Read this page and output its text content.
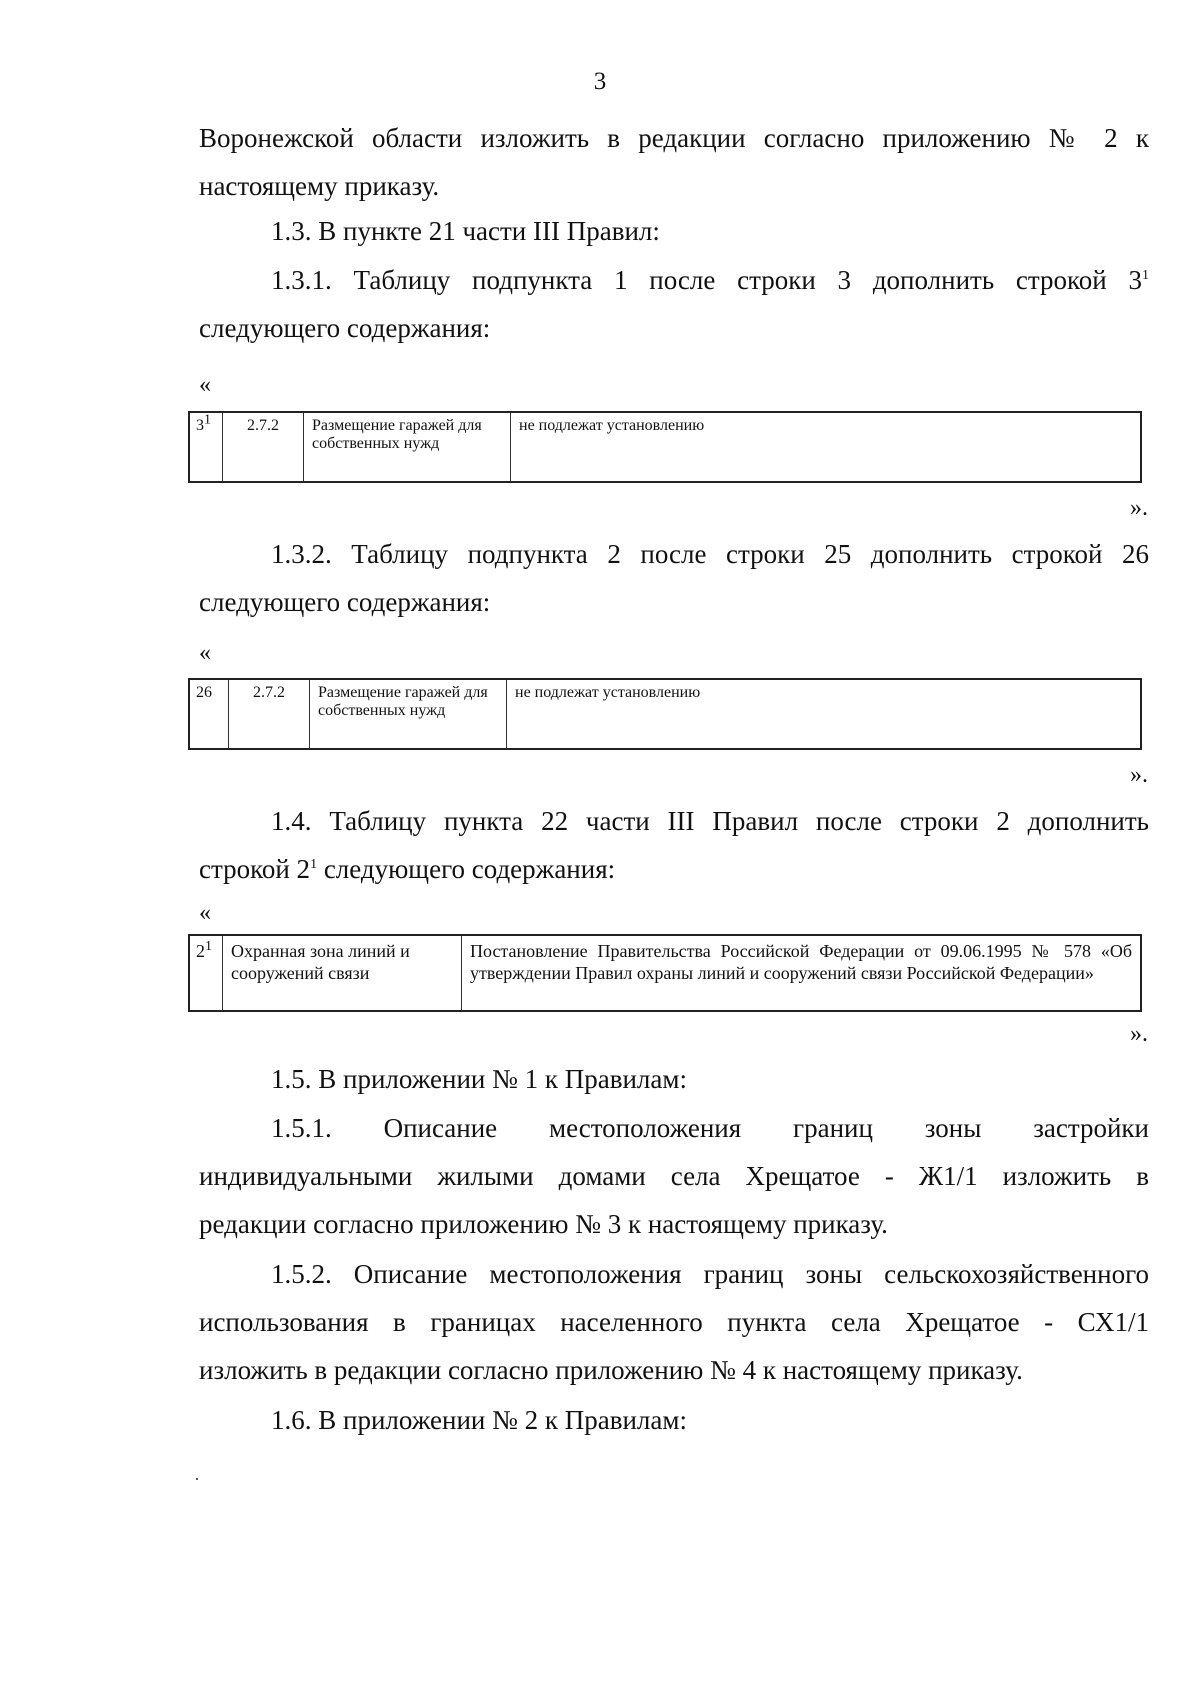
3
Воронежской области изложить в редакции согласно приложению № 2 к
настоящему приказу.
1.3. В пункте 21 части III Правил:
1.3.1. Таблицу подпункта 1 после строки 3 дополнить строкой $3^1$
следующего содержания:
«
$3^1$	2.7.2	Размещение гаражей для собственных нужд	не подлежат установлению
».
1.3.2. Таблицу подпункта 2 после строки 25 дополнить строкой 26
следующего содержания:
«
26	2.7.2	Размещение гаражей для собственных нужд	не подлежат установлению
».
1.4. Таблицу пункта 22 части III Правил после строки 2 дополнить
строкой $2^1$ следующего содержания:
«
$2^1$	Охранная зона линий и сооружений связи	Постановление Правительства Российской Федерации от 09.06.1995 № 578 «Об утверждении Правил охраны линий и сооружений связи Российской Федерации»
».
1.5. В приложении № 1 к Правилам:
1.5.1. Описание местоположения границ зоны застройки
индивидуальными жилыми домами села Хрещатое - Ж1/1 изложить в
редакции согласно приложению № 3 к настоящему приказу.
1.5.2. Описание местоположения границ зоны сельскохозяйственного
использования в границах населенного пункта села Хрещатое - СХ1/1
изложить в редакции согласно приложению № 4 к настоящему приказу.
1.6. В приложении № 2 к Правилам:
